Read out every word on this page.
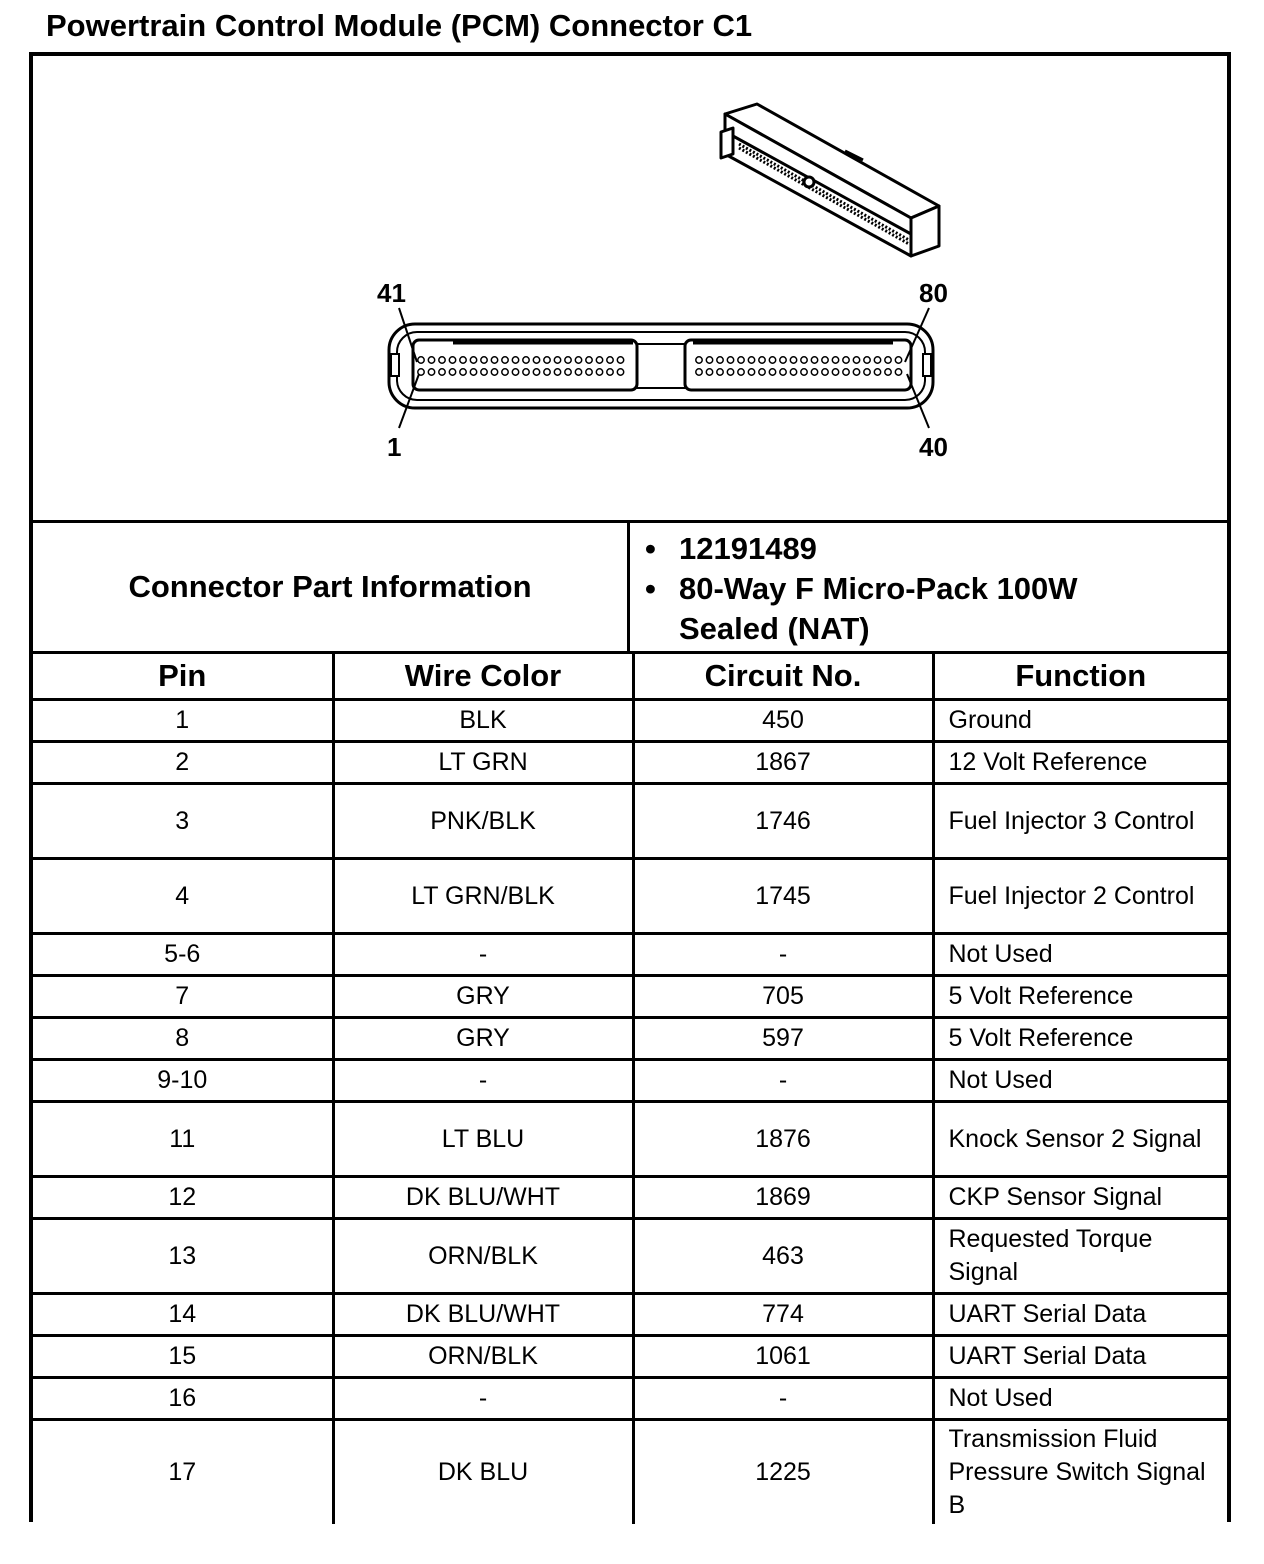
Powertrain Control Module (PCM) Connector C1
41	80
1	40
Connector Part Information
• 12191489
• 80-Way F Micro-Pack 100W Sealed (NAT)
Pin	Wire Color	Circuit No.	Function
1	BLK	450	Ground
2	LT GRN	1867	12 Volt Reference
3	PNK/BLK	1746	Fuel Injector 3 Control
4	LT GRN/BLK	1745	Fuel Injector 2 Control
5-6	-	-	Not Used
7	GRY	705	5 Volt Reference
8	GRY	597	5 Volt Reference
9-10	-	-	Not Used
11	LT BLU	1876	Knock Sensor 2 Signal
12	DK BLU/WHT	1869	CKP Sensor Signal
13	ORN/BLK	463	Requested Torque Signal
14	DK BLU/WHT	774	UART Serial Data
15	ORN/BLK	1061	UART Serial Data
16	-	-	Not Used
17	DK BLU	1225	Transmission Fluid Pressure Switch Signal B
